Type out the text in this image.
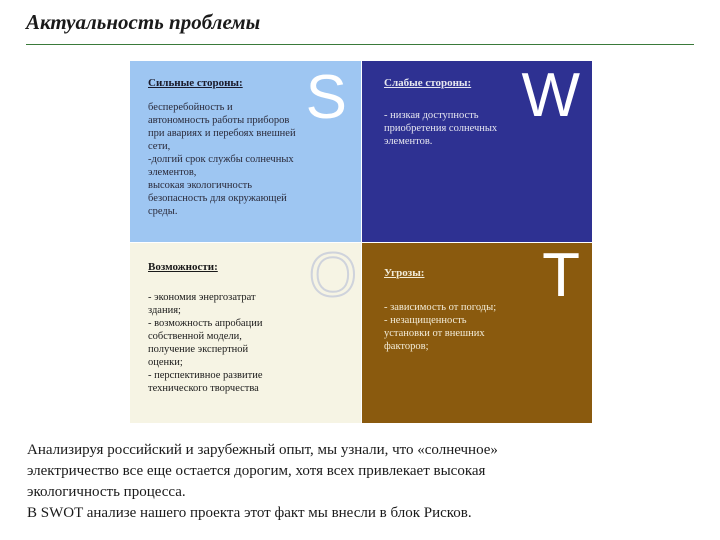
Актуальность проблемы
S
Сильные стороны:
бесперебойность и
автономность работы приборов
при авариях и перебоях внешней
сети,
-долгий срок службы солнечных
элементов,
высокая экологичность
безопасность для окружающей
среды.
W
Слабые стороны:
- низкая доступность
приобретения солнечных
элементов.
O
Возможности:
- экономия энергозатрат
здания;
- возможность апробации
собственной модели,
получение экспертной
оценки;
- перспективное развитие
технического творчества
T
Угрозы:
- зависимость от погоды;
- незащищенность
установки от внешних
факторов;

Анализируя российский и зарубежный опыт, мы узнали, что «солнечное»

электричество все еще остается дорогим, хотя всех привлекает высокая

экологичность процесса.

В SWOT анализе нашего проекта этот факт мы внесли в блок Рисков.
